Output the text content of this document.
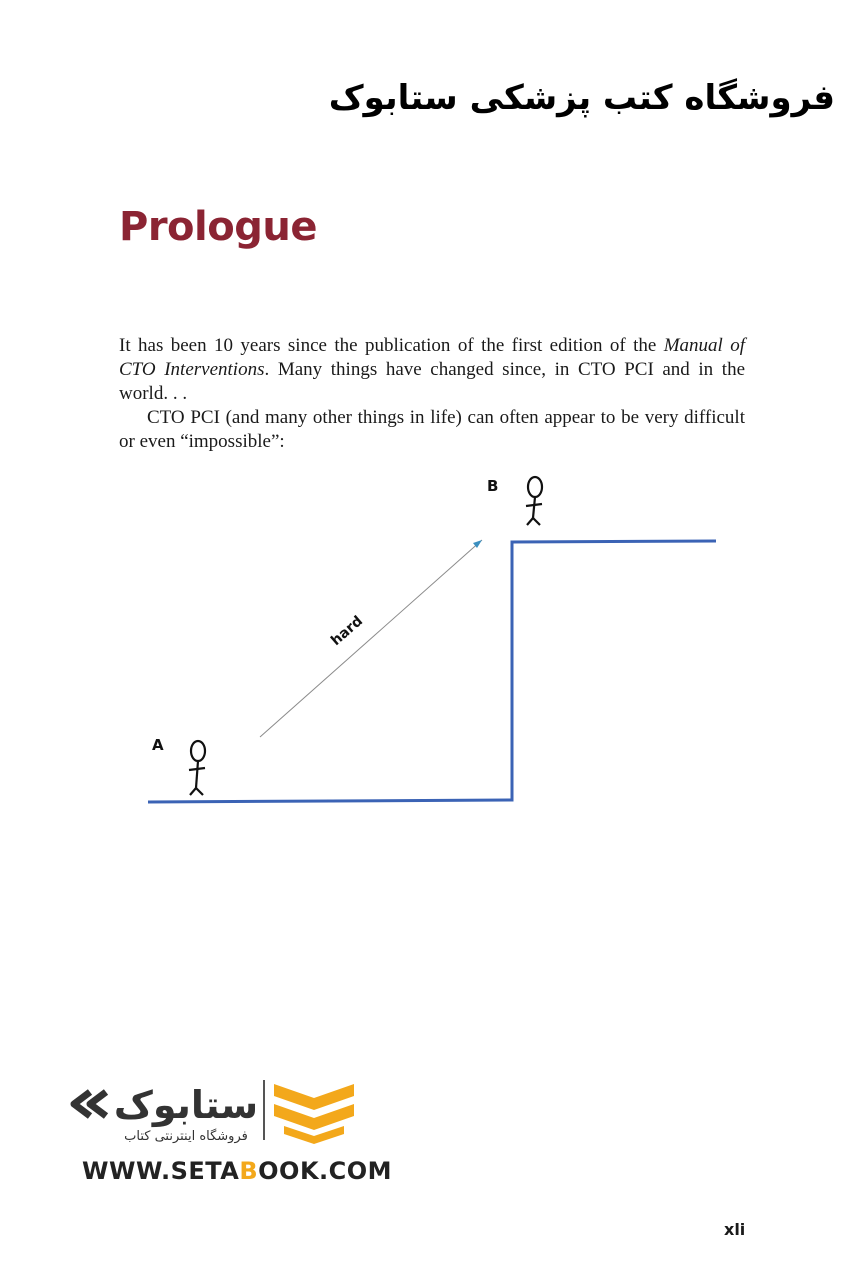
فروشگاه کتب پزشکی ستابوک
Prologue

It has been 10 years since the publication of the first edition of the Manual of CTO Interventions. Many things have changed since, in CTO PCI and in the world. . .

CTO PCI (and many other things in life) can often appear to be very difficult or even “impossible”:

hard
A
B
ستابوک
فروشگاه اینترنتی کتاب
WWW.SETABOOK.COM
xli
